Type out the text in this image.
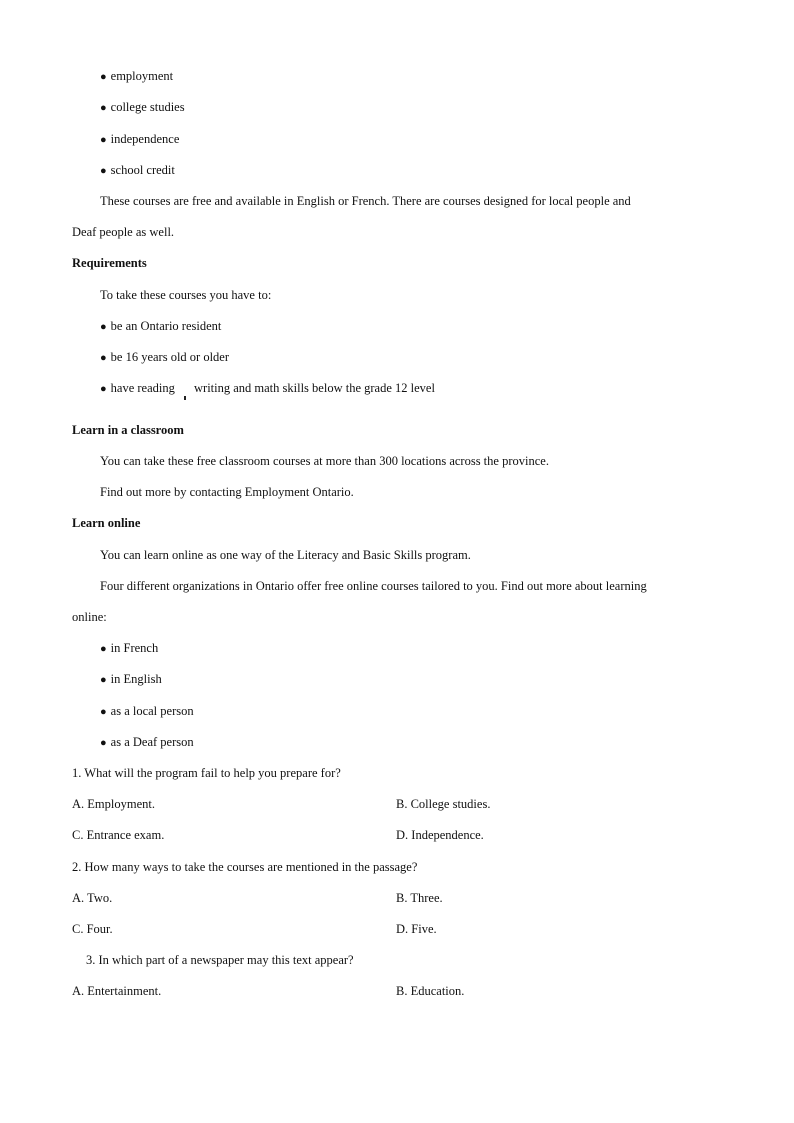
● employment
● college studies
● independence
● school credit
These courses are free and available in English or French. There are courses designed for local people and
Deaf people as well.
Requirements
To take these courses you have to:
● be an Ontario resident
● be 16 years old or older
● have reading writing and math skills below the grade 12 level
Learn in a classroom
You can take these free classroom courses at more than 300 locations across the province.
Find out more by contacting Employment Ontario.
Learn online
You can learn online as one way of the Literacy and Basic Skills program.
Four different organizations in Ontario offer free online courses tailored to you. Find out more about learning
online:
● in French
● in English
● as a local person
● as a Deaf person
1. What will the program fail to help you prepare for?
A. Employment.	B. College studies.
C. Entrance exam.	D. Independence.
2. How many ways to take the courses are mentioned in the passage?
A. Two.	B. Three.
C. Four.	D. Five.
3. In which part of a newspaper may this text appear?
A. Entertainment.	B. Education.
